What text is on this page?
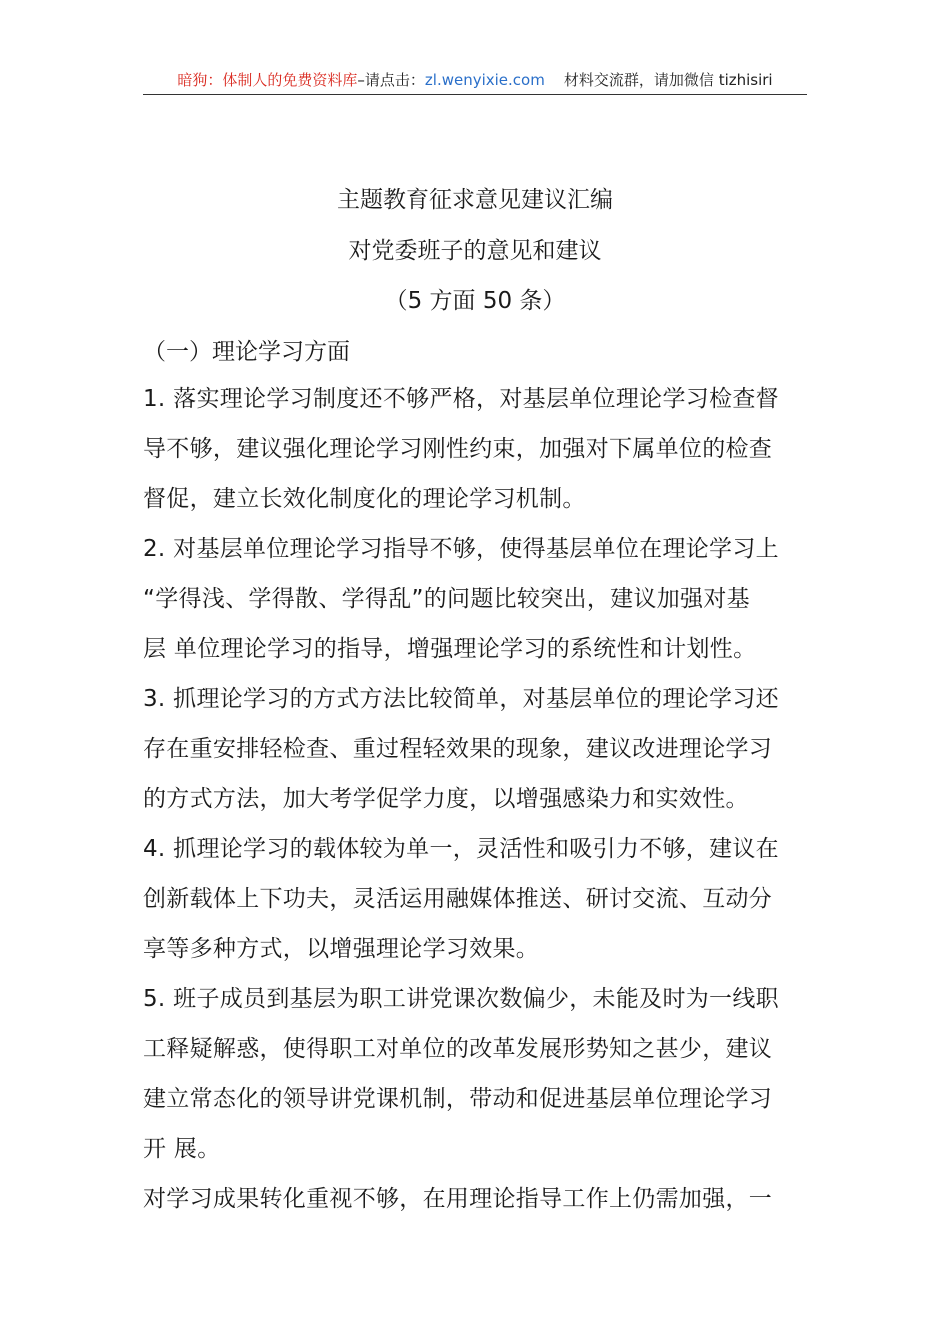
暗狗：体制人的免费资料库–请点击：zl.wenyixie.com 材料交流群，请加微信 tizhisiri
主题教育征求意见建议汇编
对党委班子的意见和建议
（5 方面 50 条）
（一）理论学习方面
1. 落实理论学习制度还不够严格，对基层单位理论学习检查督
导不够，建议强化理论学习刚性约束，加强对下属单位的检查
督促，建立长效化制度化的理论学习机制。
2. 对基层单位理论学习指导不够，使得基层单位在理论学习上
“学得浅、学得散、学得乱”的问题比较突出，建议加强对基
层 单位理论学习的指导，增强理论学习的系统性和计划性。
3. 抓理论学习的方式方法比较简单，对基层单位的理论学习还
存在重安排轻检查、重过程轻效果的现象，建议改进理论学习
的方式方法，加大考学促学力度，以增强感染力和实效性。
4. 抓理论学习的载体较为单一，灵活性和吸引力不够，建议在
创新载体上下功夫，灵活运用融媒体推送、研讨交流、互动分
享等多种方式，以增强理论学习效果。
5. 班子成员到基层为职工讲党课次数偏少，未能及时为一线职
工释疑解惑，使得职工对单位的改革发展形势知之甚少，建议
建立常态化的领导讲党课机制，带动和促进基层单位理论学习
开 展。
对学习成果转化重视不够，在用理论指导工作上仍需加强，一
